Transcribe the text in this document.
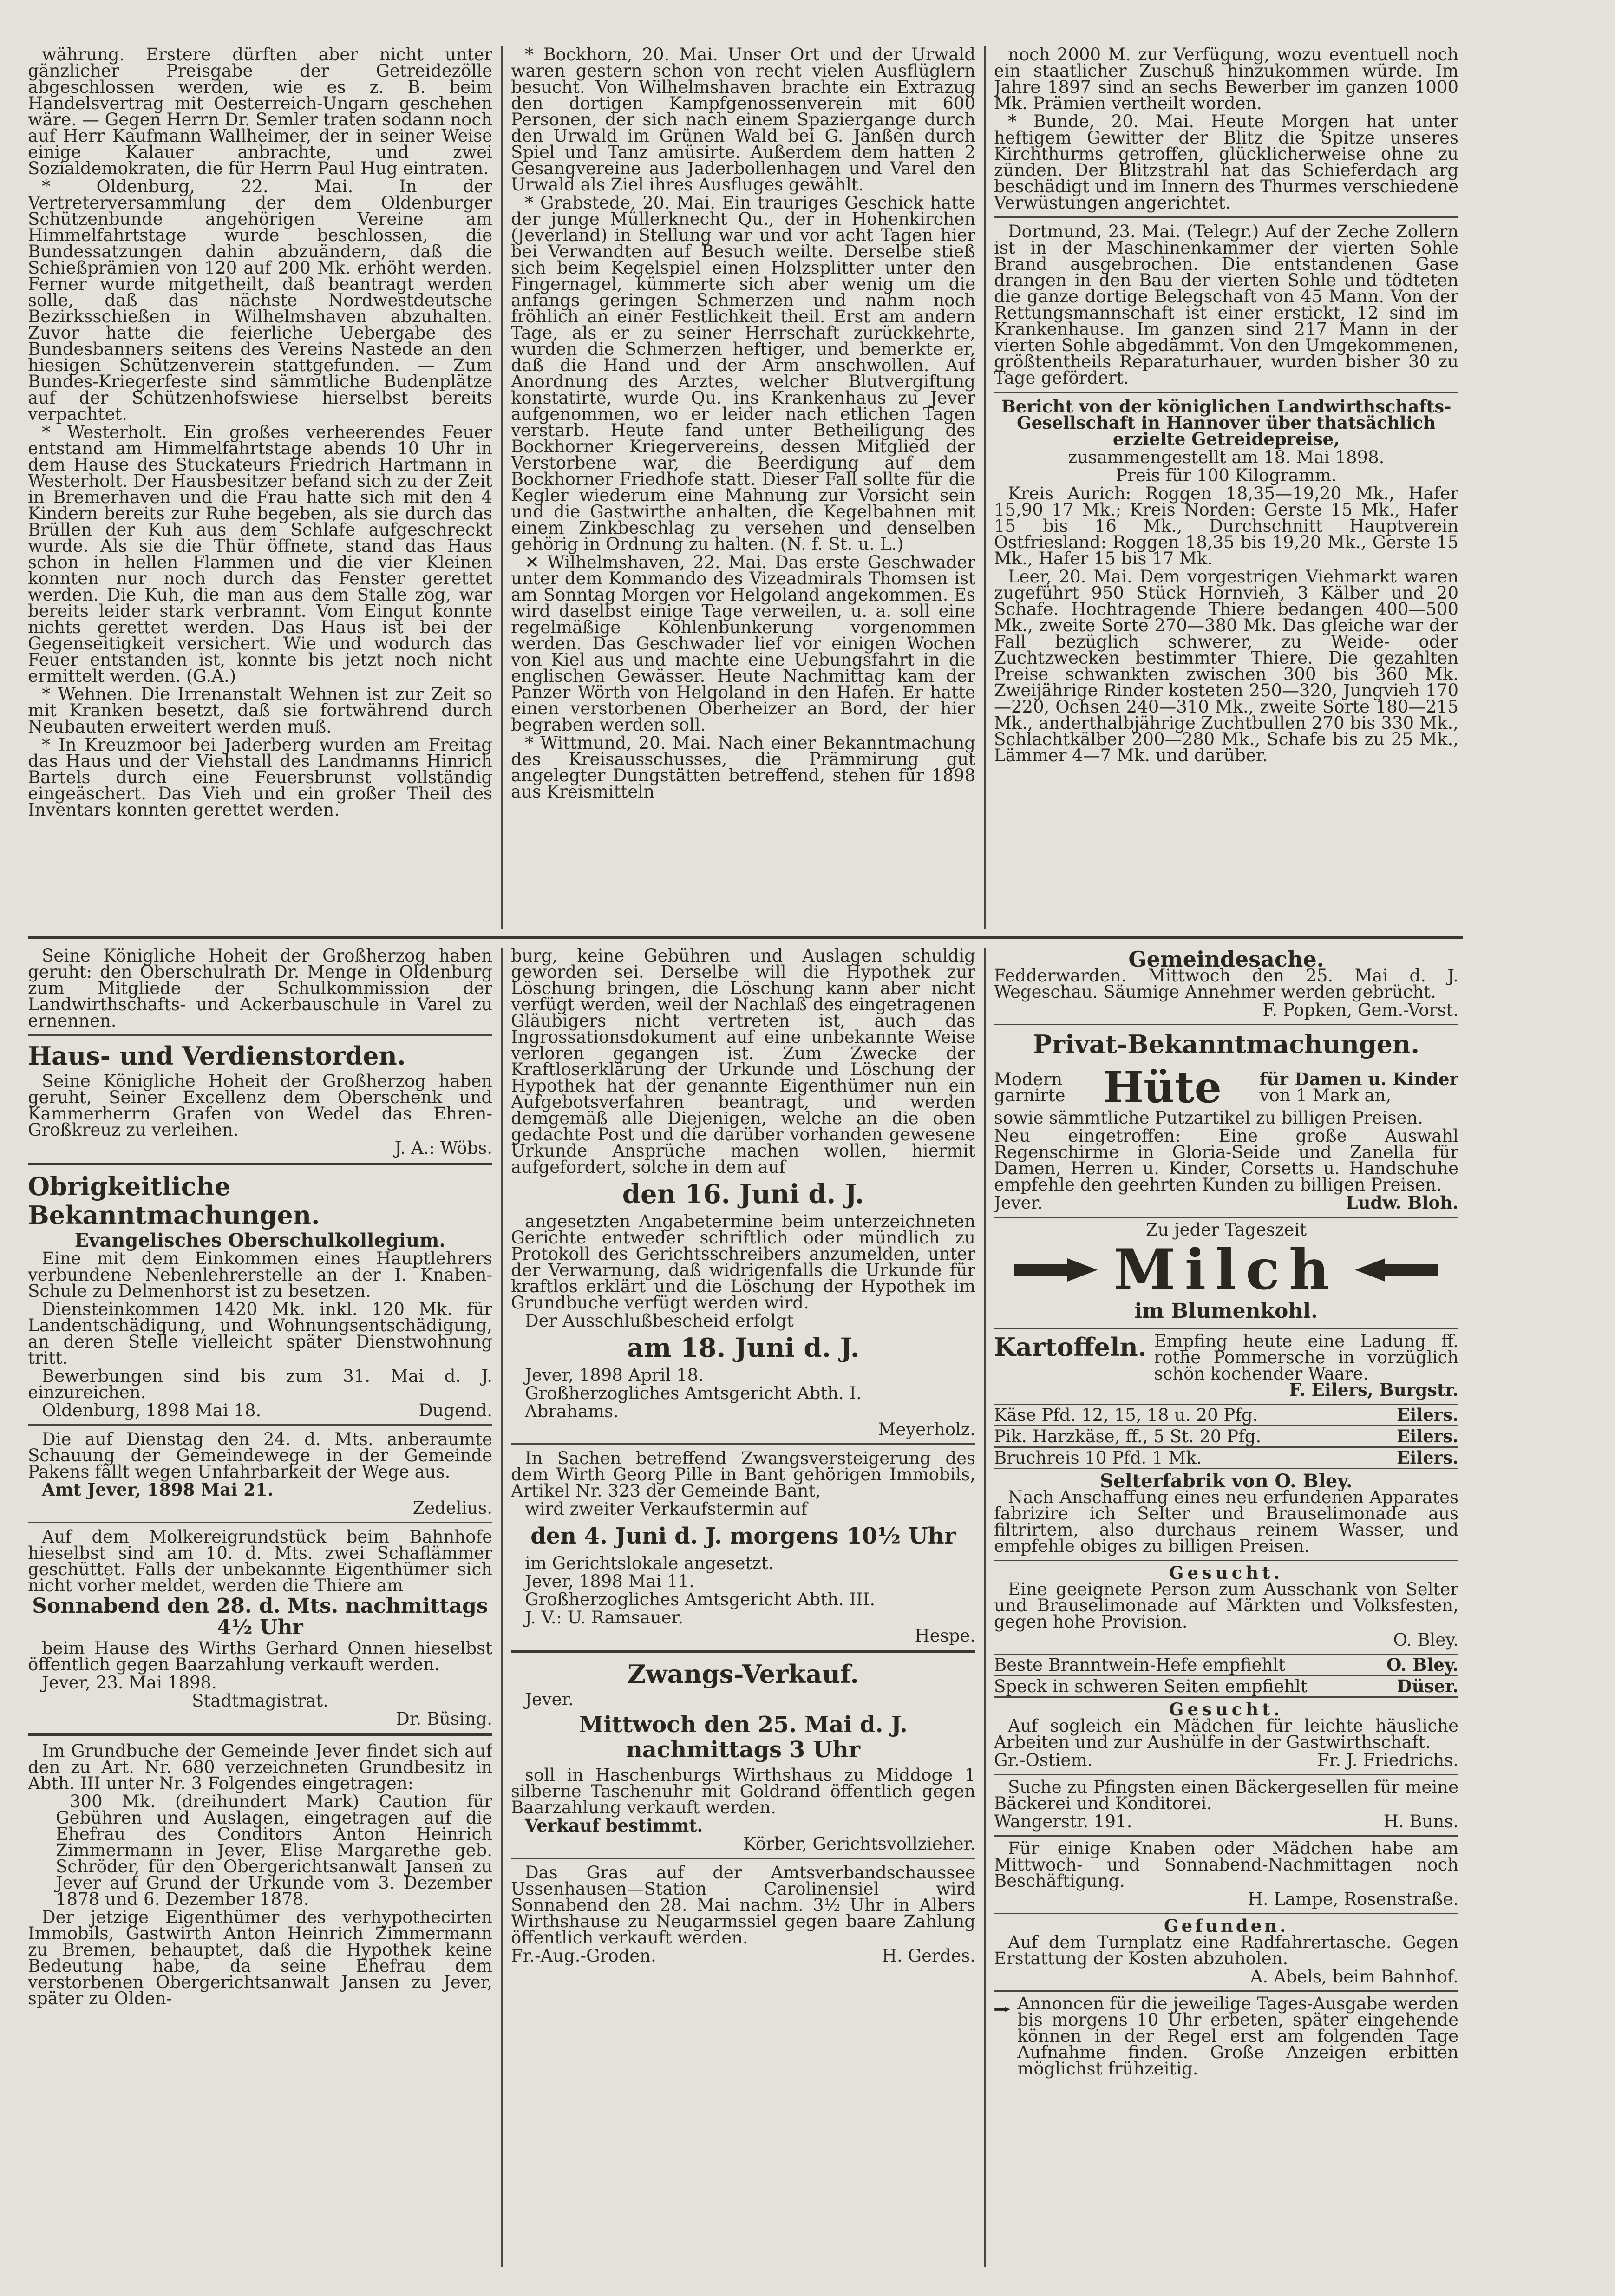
währung. Erstere dürften aber nicht unter gänzlicher Preisgabe der Getreidezölle abgeschlossen werden, wie es z. B. beim Handelsvertrag mit Oesterreich-Ungarn geschehen wäre. — Gegen Herrn Dr. Semler traten sodann noch auf Herr Kaufmann Wallheimer, der in seiner Weise einige Kalauer anbrachte, und zwei Sozialdemokraten, die für Herrn Paul Hug eintraten.

* Oldenburg, 22. Mai. In der Vertreterversammlung der dem Oldenburger Schützenbunde angehörigen Vereine am Himmelfahrtstage wurde beschlossen, die Bundessatzungen dahin abzuändern, daß die Schießprämien von 120 auf 200 Mk. erhöht werden. Ferner wurde mitgetheilt, daß beantragt werden solle, daß das nächste Nordwestdeutsche Bezirksschießen in Wilhelmshaven abzuhalten. Zuvor hatte die feierliche Uebergabe des Bundesbanners seitens des Vereins Nastede an den hiesigen Schützenverein stattgefunden. — Zum Bundes-Kriegerfeste sind sämmtliche Budenplätze auf der Schützenhofswiese hierselbst bereits verpachtet.

* Westerholt. Ein großes verheerendes Feuer entstand am Himmelfahrtstage abends 10 Uhr in dem Hause des Stuckateurs Friedrich Hartmann in Westerholt. Der Hausbesitzer befand sich zu der Zeit in Bremerhaven und die Frau hatte sich mit den 4 Kindern bereits zur Ruhe begeben, als sie durch das Brüllen der Kuh aus dem Schlafe aufgeschreckt wurde. Als sie die Thür öffnete, stand das Haus schon in hellen Flammen und die vier Kleinen konnten nur noch durch das Fenster gerettet werden. Die Kuh, die man aus dem Stalle zog, war bereits leider stark verbrannt. Vom Eingut konnte nichts gerettet werden. Das Haus ist bei der Gegenseitigkeit versichert. Wie und wodurch das Feuer entstanden ist, konnte bis jetzt noch nicht ermittelt werden. (G.A.)

* Wehnen. Die Irrenanstalt Wehnen ist zur Zeit so mit Kranken besetzt, daß sie fortwährend durch Neubauten erweitert werden muß.

* In Kreuzmoor bei Jaderberg wurden am Freitag das Haus und der Viehstall des Landmanns Hinrich Bartels durch eine Feuersbrunst vollständig eingeäschert. Das Vieh und ein großer Theil des Inventars konnten gerettet werden.

* Bockhorn, 20. Mai. Unser Ort und der Urwald waren gestern schon von recht vielen Ausflüglern besucht. Von Wilhelmshaven brachte ein Extrazug den dortigen Kampfgenossenverein mit 600 Personen, der sich nach einem Spaziergange durch den Urwald im Grünen Wald bei G. Janßen durch Spiel und Tanz amüsirte. Außerdem dem hatten 2 Gesangvereine aus Jaderbollenhagen und Varel den Urwald als Ziel ihres Ausfluges gewählt.

* Grabstede, 20. Mai. Ein trauriges Geschick hatte der junge Müllerknecht Qu., der in Hohenkirchen (Jeverland) in Stellung war und vor acht Tagen hier bei Verwandten auf Besuch weilte. Derselbe stieß sich beim Kegelspiel einen Holzsplitter unter den Fingernagel, kümmerte sich aber wenig um die anfangs geringen Schmerzen und nahm noch fröhlich an einer Festlichkeit theil. Erst am andern Tage, als er zu seiner Herrschaft zurückkehrte, wurden die Schmerzen heftiger, und bemerkte er, daß die Hand und der Arm anschwollen. Auf Anordnung des Arztes, welcher Blutvergiftung konstatirte, wurde Qu. ins Krankenhaus zu Jever aufgenommen, wo er leider nach etlichen Tagen verstarb. Heute fand unter Betheiligung des Bockhorner Kriegervereins, dessen Mitglied der Verstorbene war, die Beerdigung auf dem Bockhorner Friedhofe statt. Dieser Fall sollte für die Kegler wiederum eine Mahnung zur Vorsicht sein und die Gastwirthe anhalten, die Kegelbahnen mit einem Zinkbeschlag zu versehen und denselben gehörig in Ordnung zu halten. (N. f. St. u. L.)

✕ Wilhelmshaven, 22. Mai. Das erste Geschwader unter dem Kommando des Vizeadmirals Thomsen ist am Sonntag Morgen vor Helgoland angekommen. Es wird daselbst einige Tage verweilen, u. a. soll eine regelmäßige Kohlenbunkerung vorgenommen werden. Das Geschwader lief vor einigen Wochen von Kiel aus und machte eine Uebungsfahrt in die englischen Gewässer. Heute Nachmittag kam der Panzer Wörth von Helgoland in den Hafen. Er hatte einen verstorbenen Oberheizer an Bord, der hier begraben werden soll.

* Wittmund, 20. Mai. Nach einer Bekanntmachung des Kreisausschusses, die Prämmirung gut angelegter Dungstätten betreffend, stehen für 1898 aus Kreismitteln

noch 2000 M. zur Verfügung, wozu eventuell noch ein staatlicher Zuschuß hinzukommen würde. Im Jahre 1897 sind an sechs Bewerber im ganzen 1000 Mk. Prämien vertheilt worden.

* Bunde, 20. Mai. Heute Morgen hat unter heftigem Gewitter der Blitz die Spitze unseres Kirchthurms getroffen, glücklicherweise ohne zu zünden. Der Blitzstrahl hat das Schieferdach arg beschädigt und im Innern des Thurmes verschiedene Verwüstungen angerichtet.

Dortmund, 23. Mai. (Telegr.) Auf der Zeche Zollern ist in der Maschinenkammer der vierten Sohle Brand ausgebrochen. Die entstandenen Gase drangen in den Bau der vierten Sohle und tödteten die ganze dortige Belegschaft von 45 Mann. Von der Rettungsmannschaft ist einer erstickt, 12 sind im Krankenhause. Im ganzen sind 217 Mann in der vierten Sohle abgedämmt. Von den Umgekommenen, größtentheils Reparaturhauer, wurden bisher 30 zu Tage gefördert.

Bericht von der königlichen Landwirthschafts-Gesellschaft in Hannover über thatsächlich erzielte Getreidepreise,

zusammengestellt am 18. Mai 1898.

Preis für 100 Kilogramm.

Kreis Aurich: Roggen 18,35—19,20 Mk., Hafer 15,90 17 Mk.; Kreis Norden: Gerste 15 Mk., Hafer 15 bis 16 Mk., Durchschnitt Hauptverein Ostfriesland: Roggen 18,35 bis 19,20 Mk., Gerste 15 Mk., Hafer 15 bis 17 Mk.

Leer, 20. Mai. Dem vorgestrigen Viehmarkt waren zugeführt 950 Stück Hornvieh, 3 Kälber und 20 Schafe. Hochtragende Thiere bedangen 400—500 Mk., zweite Sorte 270—380 Mk. Das gleiche war der Fall bezüglich schwerer, zu Weide- oder Zuchtzwecken bestimmter Thiere. Die gezahlten Preise schwankten zwischen 300 bis 360 Mk. Zweijährige Rinder kosteten 250—320, Jungvieh 170—220, Ochsen 240—310 Mk., zweite Sorte 180—215 Mk., anderthalbjährige Zuchtbullen 270 bis 330 Mk., Schlachtkälber 200—280 Mk., Schafe bis zu 25 Mk., Lämmer 4—7 Mk. und darüber.

Seine Königliche Hoheit der Großherzog haben geruht: den Oberschulrath Dr. Menge in Oldenburg zum Mitgliede der Schulkommission der Landwirthschafts- und Ackerbauschule in Varel zu ernennen.

Haus- und Verdienstorden.

Seine Königliche Hoheit der Großherzog haben geruht, Seiner Excellenz dem Oberschenk und Kammerherrn Grafen von Wedel das Ehren-Großkreuz zu verleihen.

J. A.: Wöbs.

Obrigkeitliche Bekanntmachungen.
Evangelisches Oberschulkollegium.

Eine mit dem Einkommen eines Hauptlehrers verbundene Nebenlehrerstelle an der I. Knaben-Schule zu Delmenhorst ist zu besetzen.

Diensteinkommen 1420 Mk. inkl. 120 Mk. für Landentschädigung, und Wohnungsentschädigung, an deren Stelle vielleicht später Dienstwohnung tritt.

Bewerbungen sind bis zum 31. Mai d. J. einzureichen.

Oldenburg, 1898 Mai 18.	Dugend.

Die auf Dienstag den 24. d. Mts. anberaumte Schauung der Gemeindewege in der Gemeinde Pakens fällt wegen Unfahrbarkeit der Wege aus.

Amt Jever, 1898 Mai 21.

Zedelius.

Auf dem Molkereigrundstück beim Bahnhofe hieselbst sind am 10. d. Mts. zwei Schaflämmer geschüttet. Falls der unbekannte Eigenthümer sich nicht vorher meldet, werden die Thiere am

Sonnabend den 28. d. Mts. nachmittags 4½ Uhr

beim Hause des Wirths Gerhard Onnen hieselbst öffentlich gegen Baarzahlung verkauft werden.

Jever, 23. Mai 1898.

Stadtmagistrat.

Dr. Büsing.

Im Grundbuche der Gemeinde Jever findet sich auf den zu Art. Nr. 680 verzeichneten Grundbesitz in Abth. III unter Nr. 3 Folgendes eingetragen:

300 Mk. (dreihundert Mark) Caution für Gebühren und Auslagen, eingetragen auf die Ehefrau des Conditors Anton Heinrich Zimmermann in Jever, Elise Margarethe geb. Schröder, für den Obergerichtsanwalt Jansen zu Jever auf Grund der Urkunde vom 3. Dezember 1878 und 6. Dezember 1878.

Der jetzige Eigenthümer des verhypothecirten Immobils, Gastwirth Anton Heinrich Zimmermann zu Bremen, behauptet, daß die Hypothek keine Bedeutung habe, da seine Ehefrau dem verstorbenen Obergerichtsanwalt Jansen zu Jever, später zu Olden-

burg, keine Gebühren und Auslagen schuldig geworden sei. Derselbe will die Hypothek zur Löschung bringen, die Löschung kann aber nicht verfügt werden, weil der Nachlaß des eingetragenen Gläubigers nicht vertreten ist, auch das Ingrossationsdokument auf eine unbekannte Weise verloren gegangen ist. Zum Zwecke der Kraftloserklärung der Urkunde und Löschung der Hypothek hat der genannte Eigenthümer nun ein Aufgebotsverfahren beantragt, und werden demgemäß alle Diejenigen, welche an die oben gedachte Post und die darüber vorhanden gewesene Urkunde Ansprüche machen wollen, hiermit aufgefordert, solche in dem auf

den 16. Juni d. J.

angesetzten Angabetermine beim unterzeichneten Gerichte entweder schriftlich oder mündlich zu Protokoll des Gerichtsschreibers anzumelden, unter der Verwarnung, daß widrigenfalls die Urkunde für kraftlos erklärt und die Löschung der Hypothek im Grundbuche verfügt werden wird.

Der Ausschlußbescheid erfolgt

am 18. Juni d. J.

Jever, 1898 April 18.

Großherzogliches Amtsgericht Abth. I.

Abrahams.

Meyerholz.

In Sachen betreffend Zwangsversteigerung des dem Wirth Georg Pille in Bant gehörigen Immobils, Artikel Nr. 323 der Gemeinde Bant,

wird zweiter Verkaufstermin auf

den 4. Juni d. J. morgens 10½ Uhr

im Gerichtslokale angesetzt.

Jever, 1898 Mai 11.

Großherzogliches Amtsgericht Abth. III.

J. V.: U. Ramsauer.

Hespe.

Zwangs-Verkauf.

Jever.

Mittwoch den 25. Mai d. J. nachmittags 3 Uhr

soll in Haschenburgs Wirthshaus zu Middoge 1 silberne Taschenuhr mit Goldrand öffentlich gegen Baarzahlung verkauft werden.

Verkauf bestimmt.

Körber, Gerichtsvollzieher.

Das Gras auf der Amtsverbandschaussee Ussenhausen—Station Carolinensiel wird Sonnabend den 28. Mai nachm. 3½ Uhr in Albers Wirthshause zu Neugarmssiel gegen baare Zahlung öffentlich verkauft werden.

Fr.-Aug.-Groden.	H. Gerdes.

Gemeindesache.

Fedderwarden. Mittwoch den 25. Mai d. J. Wegeschau. Säumige Annehmer werden gebrücht.

F. Popken, Gem.-Vorst.

Privat-Bekanntmachungen.
Modern
garnirte Hüte für Damen u. Kinder
von 1 Mark an,

sowie sämmtliche Putzartikel zu billigen Preisen.

Neu eingetroffen: Eine große Auswahl Regenschirme in Gloria-Seide und Zanella für Damen, Herren u. Kinder, Corsetts u. Handschuhe empfehle den geehrten Kunden zu billigen Preisen.

Jever.	Ludw. Bloh.

Zu jeder Tageszeit

Milch

im Blumenkohl.

Kartoffeln. Empfing heute eine Ladung ff. rothe Pommersche in vorzüglich schön kochender Waare.

F. Eilers, Burgstr.

Käse Pfd. 12, 15, 18 u. 20 Pfg.	Eilers.
Pik. Harzkäse, ff., 5 St. 20 Pfg.	Eilers.
Bruchreis 10 Pfd. 1 Mk.	Eilers.
Selterfabrik von O. Bley.

Nach Anschaffung eines neu erfundenen Apparates fabrizire ich Selter und Brauselimonade aus filtrirtem, also durchaus reinem Wasser, und empfehle obiges zu billigen Preisen.

Gesucht.

Eine geeignete Person zum Ausschank von Selter und Brauselimonade auf Märkten und Volksfesten, gegen hohe Provision.

O. Bley.

Beste Branntwein-Hefe empfiehlt	O. Bley.
Speck in schweren Seiten empfiehlt	Düser.
Gesucht.

Auf sogleich ein Mädchen für leichte häusliche Arbeiten und zur Aushülfe in der Gastwirthschaft.

Gr.-Ostiem.	Fr. J. Friedrichs.

Suche zu Pfingsten einen Bäckergesellen für meine Bäckerei und Konditorei.

Wangerstr. 191.	H. Buns.

Für einige Knaben oder Mädchen habe am Mittwoch- und Sonnabend-Nachmittagen noch Beschäftigung.

H. Lampe, Rosenstraße.

Gefunden.

Auf dem Turnplatz eine Radfahrertasche. Gegen Erstattung der Kosten abzuholen.

A. Abels, beim Bahnhof.

Annoncen für die jeweilige Tages-Ausgabe werden bis morgens 10 Uhr erbeten, später eingehende können in der Regel erst am folgenden Tage Aufnahme finden. Große Anzeigen erbitten möglichst frühzeitig.
